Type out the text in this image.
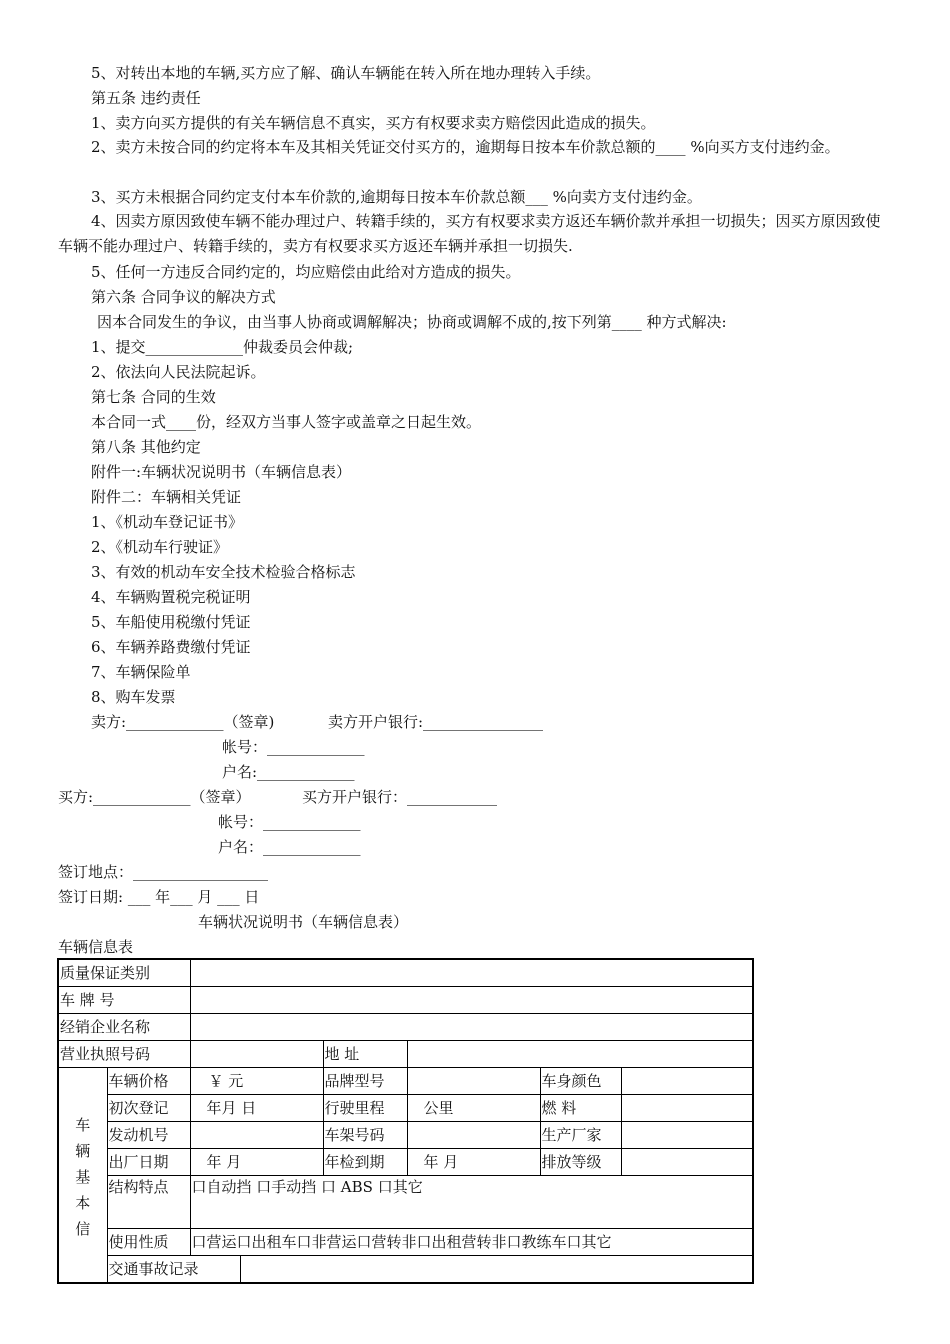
5、对转出本地的车辆,买方应了解、确认车辆能在转入所在地办理转入手续。
第五条 违约责任
1、卖方向买方提供的有关车辆信息不真实，买方有权要求卖方赔偿因此造成的损失。
2、卖方未按合同的约定将本车及其相关凭证交付买方的，逾期每日按本车价款总额的____ %向买方支付违约金。
3、买方未根据合同约定支付本车价款的,逾期每日按本车价款总额___ %向卖方支付违约金。
4、因卖方原因致使车辆不能办理过户、转籍手续的，买方有权要求卖方返还车辆价款并承担一切损失；因买方原因致使车辆不能办理过户、转籍手续的，卖方有权要求买方返还车辆并承担一切损失.
5、任何一方违反合同约定的，均应赔偿由此给对方造成的损失。
第六条 合同争议的解决方式
因本合同发生的争议，由当事人协商或调解解决；协商或调解不成的,按下列第____ 种方式解决:
1、提交_____________仲裁委员会仲裁;
2、依法向人民法院起诉。
第七条 合同的生效
本合同一式____份，经双方当事人签字或盖章之日起生效。
第八条 其他约定
附件一:车辆状况说明书（车辆信息表）
附件二：车辆相关凭证
1、《机动车登记证书》
2、《机动车行驶证》
3、有效的机动车安全技术检验合格标志
4、车辆购置税完税证明
5、车船使用税缴付凭证
6、车辆养路费缴付凭证
7、车辆保险单
8、购车发票
卖方:_____________（签章)	卖方开户银行:________________
帐号：_____________
户名:_____________
买方:_____________（签章）	买方开户银行：____________
帐号：_____________
户名：_____________
签订地点：__________________
签订日期: ___ 年___ 月 ___ 日
车辆状况说明书（车辆信息表）
车辆信息表
质量保证类别							
车 牌 号							
经销企业名称							
营业执照号码				地 址			
车辆基本信	车辆价格	￥ 元		品牌型号		车身颜色	
	初次登记	年月 日		行驶里程	公里	燃 料	
	发动机号			车架号码		生产厂家	
	出厂日期	年 月		年检到期	年 月	排放等级	
	结构特点	口自动挡 口手动挡 口 ABS 口其它					
	使用性质	口营运口出租车口非营运口营转非口出租营转非口教练车口其它					
	交通事故记录						
